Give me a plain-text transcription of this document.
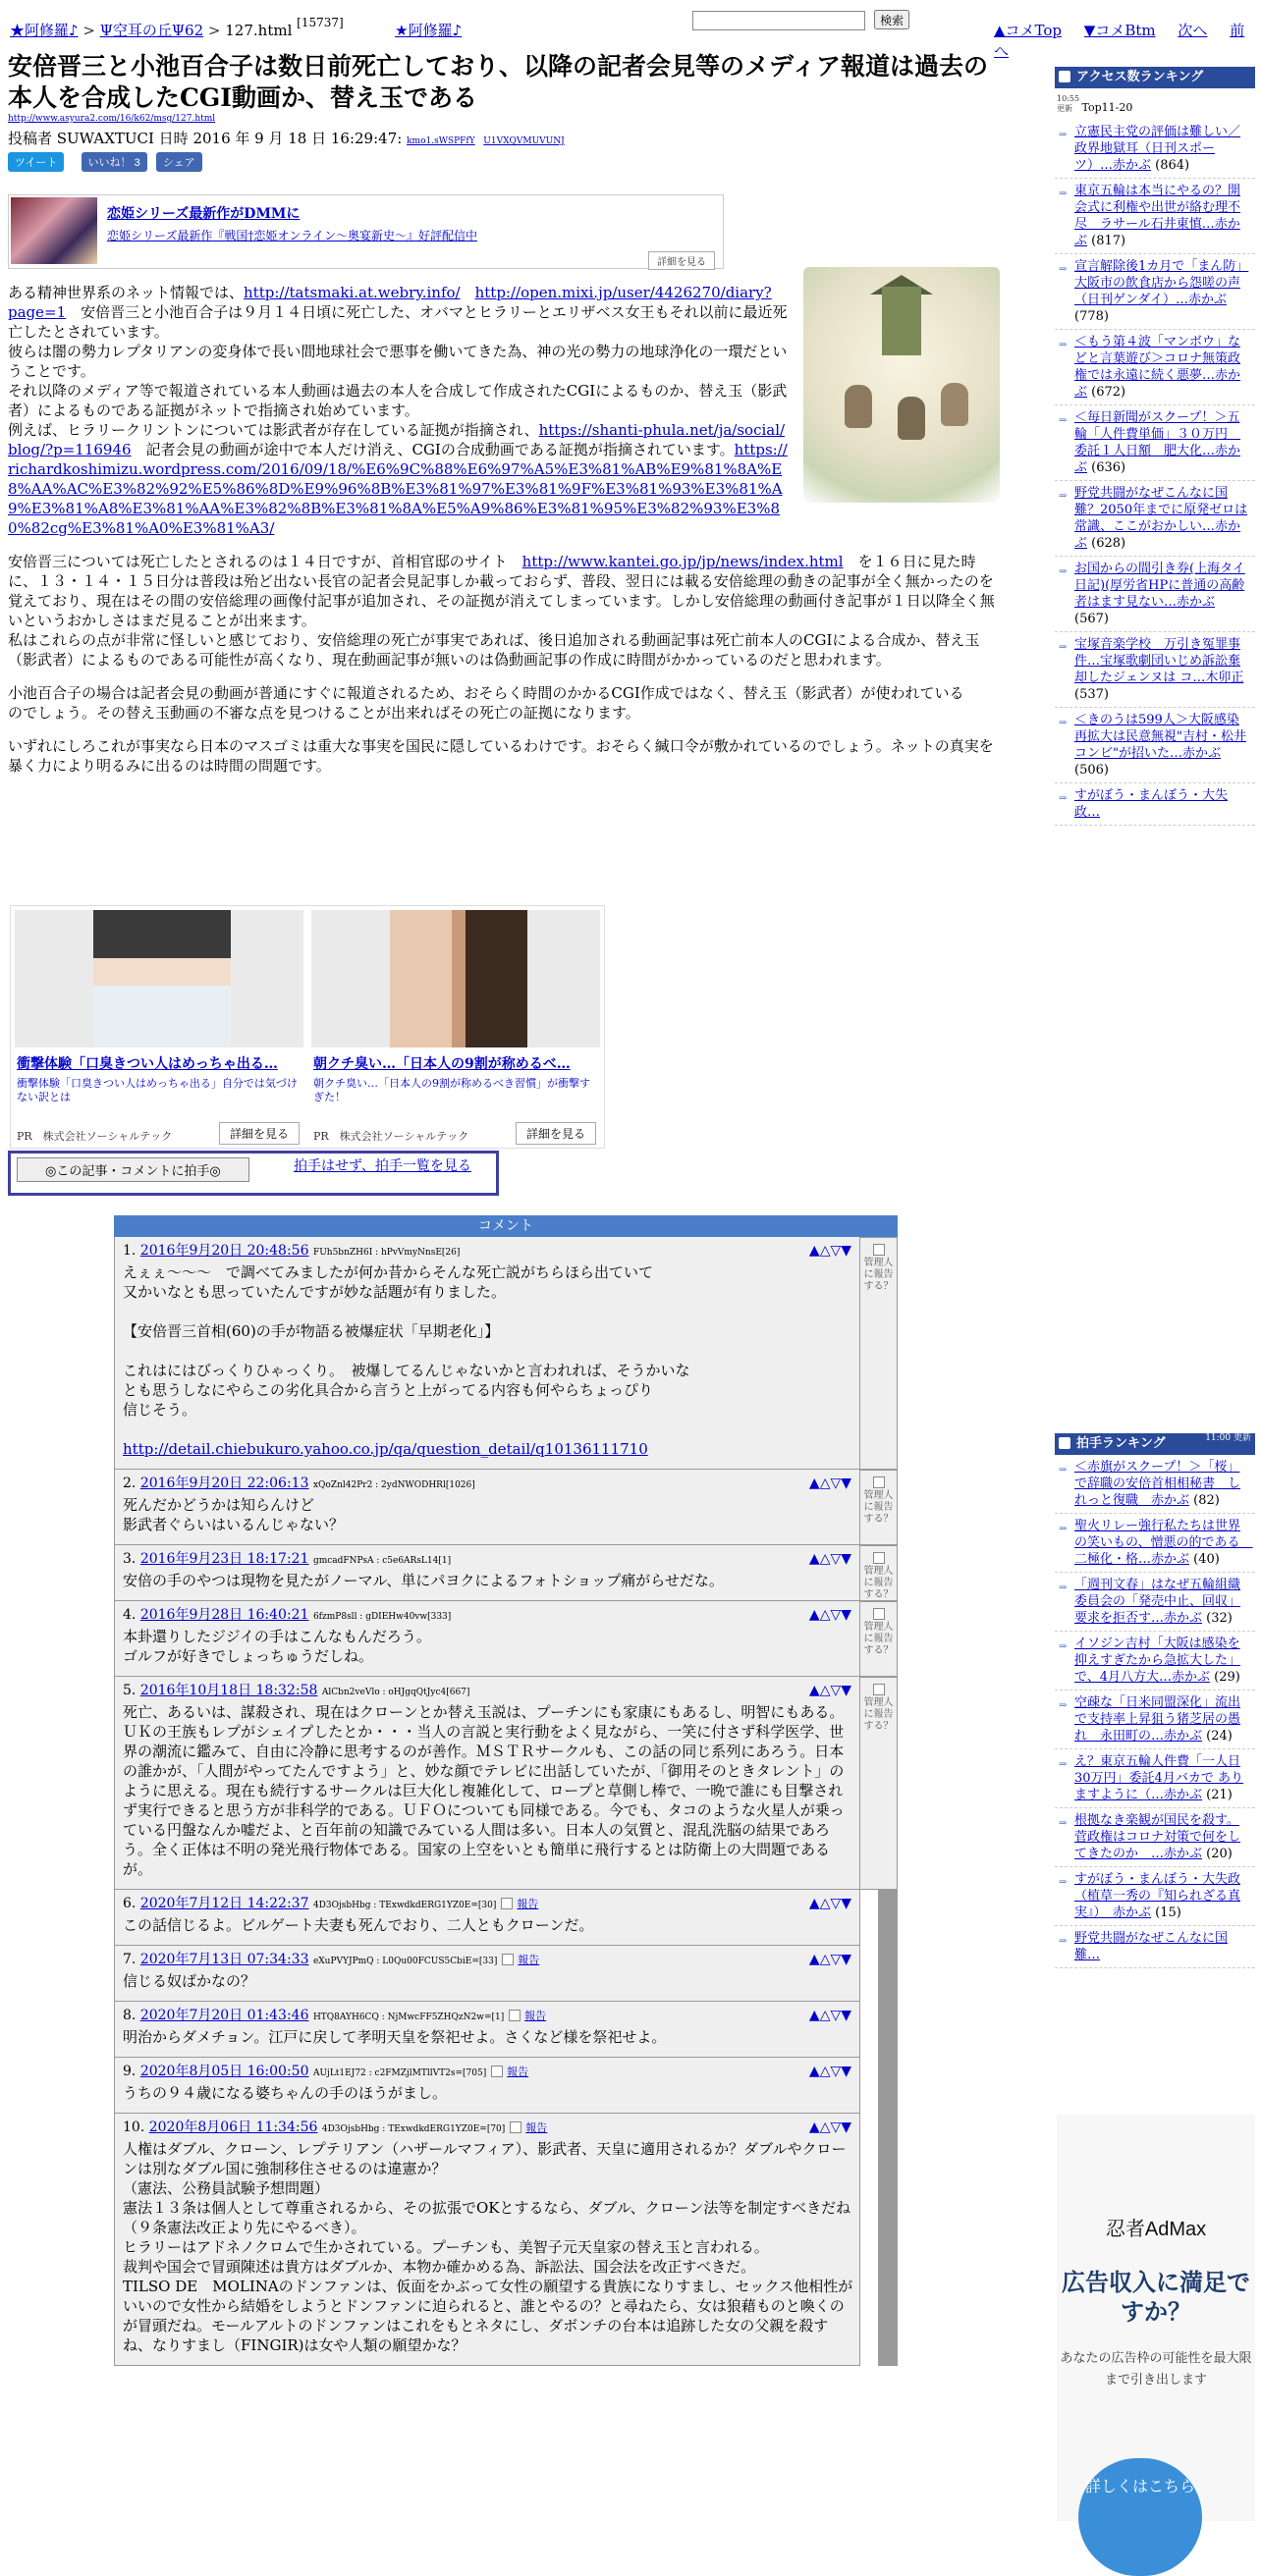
★阿修羅♪ > Ψ空耳の丘Ψ62 > 127.html [15737]	★阿修羅♪
検索
▲コメTop ▼コメBtm 次へ 前へ
安倍晋三と小池百合子は数日前死亡しており、以降の記者会見等のメディア報道は過去の本人を合成したCGI動画か、替え玉である
http://www.asyura2.com/16/k62/msg/127.html
投稿者 SUWAXTUCI 日時 2016 年 9 月 18 日 16:29:47: kmo1.sWSPFfY U1VXQVMUVUNJ
ツイート	いいね！ 3 シェア
恋姫シリーズ最新作がDMMに
恋姫シリーズ最新作『戦国†恋姫オンライン～奥宴新史～』好評配信中
詳細を見る

ある精神世界系のネット情報では、http://tatsmaki.at.webry.info/　 http://open.mixi.jp/user/4426270/diary?page=1　安倍晋三と小池百合子は９月１４日頃に死亡した、オバマとヒラリーとエリザベス女王もそれ以前に最近死亡したとされています。
彼らは闇の勢力レプタリアンの変身体で長い間地球社会で悪事を働いてきた為、神の光の勢力の地球浄化の一環だということです。
それ以降のメディア等で報道されている本人動画は過去の本人を合成して作成されたCGIによるものか、替え玉（影武者）によるものである証拠がネットで指摘され始めています。
例えば、ヒラリークリントンについては影武者が存在している証拠が指摘され、https://shanti-phula.net/ja/social/blog/?p=116946　記者会見の動画が途中で本人だけ消え、CGIの合成動画である証拠が指摘されています。https://richardkoshimizu.wordpress.com/2016/09/18/%E6%9C%88%E6%97%A5%E3%81%AB%E9%81%8A%E8%AA%AC%E3%82%92%E5%86%8D%E9%96%8B%E3%81%97%E3%81%9F%E3%81%93%E3%81%A9%E3%81%A8%E3%81%AA%E3%82%8B%E3%81%8A%E5%A9%86%E3%81%95%E3%82%93%E3%80%82cg%E3%81%A0%E3%81%A3/

安倍晋三については死亡したとされるのは１４日ですが、首相官邸のサイト　http://www.kantei.go.jp/jp/news/index.html　を１６日に見た時に、１３・１４・１５日分は普段は殆ど出ない長官の記者会見記事しか載っておらず、普段、翌日には載る安倍総理の動きの記事が全く無かったのを覚えており、現在はその間の安倍総理の画像付記事が追加され、その証拠が消えてしまっています。しかし安倍総理の動画付き記事が１日以降全く無いというおかしさはまだ見ることが出来ます。
私はこれらの点が非常に怪しいと感じており、安倍総理の死亡が事実であれば、後日追加される動画記事は死亡前本人のCGIによる合成か、替え玉（影武者）によるものである可能性が高くなり、現在動画記事が無いのは偽動画記事の作成に時間がかかっているのだと思われます。

小池百合子の場合は記者会見の動画が普通にすぐに報道されるため、おそらく時間のかかるCGI作成ではなく、替え玉（影武者）が使われている
のでしょう。その替え玉動画の不審な点を見つけることが出来ればその死亡の証拠になります。

いずれにしろこれが事実なら日本のマスゴミは重大な事実を国民に隠しているわけです。おそらく緘口令が敷かれているのでしょう。ネットの真実を暴く力により明るみに出るのは時間の問題です。

衝撃体験「口臭きつい人はめっちゃ出る…
衝撃体験「口臭きつい人はめっちゃ出る」自分では気づけない訳とは
PR　株式会社ソーシャルテック	詳細を見る
朝クチ臭い…「日本人の9割が称めるべ…
朝クチ臭い…「日本人の9割が称めるべき習慣」が衝撃すぎた！
PR　株式会社ソーシャルテック	詳細を見る
◎この記事・コメントに拍手◎	拍手はせず、拍手一覧を見る
コメント
1. 2016年9月20日 20:48:56 FUh5bnZH6I : hPvVmyNnsE[26]	▲△▽▼

えぇぇ～～～　で調べてみましたが何か昔からそんな死亡説がちらほら出ていて

又かいなとも思っていたんですが妙な話題が有りました。

【安倍晋三首相(60)の手が物語る被爆症状「早期老化」】

これはにはびっくりひゃっくり。　被爆してるんじゃないかと言われれば、そうかいな

とも思うしなにやらこの劣化具合から言うと上がってる内容も何やらちょっぴり

信じそう。

http://detail.chiebukuro.yahoo.co.jp/qa/question_detail/q10136111710
管理人に報告する？
2. 2016年9月20日 22:06:13 xQoZnl42Pr2 : 2ydNWODHRl[1026]	▲△▽▼

死んだかどうかは知らんけど

影武者ぐらいはいるんじゃない？

管理人に報告する？
3. 2016年9月23日 18:17:21 gmcadFNPsA : c5e6ARsL14[1]	▲△▽▼

安倍の手のやつは現物を見たがノーマル、単にパヨクによるフォトショップ痛がらせだな。

管理人に報告する？
4. 2016年9月28日 16:40:21 6fzmP8sll : gDIEHw40vw[333]	▲△▽▼

本卦還りしたジジイの手はこんなもんだろう。

ゴルフが好きでしょっちゅうだしね。

管理人に報告する？
5. 2016年10月18日 18:32:58 AlCbn2veVlo : oHJgqQtJyc4[667]	▲△▽▼

死亡、あるいは、謀殺され、現在はクローンとか替え玉説は、プーチンにも家康にもあるし、明智にもある。ＵＫの王族もレプがシェイプしたとか・・・当人の言説と実行動をよく見ながら、一笑に付さず科学医学、世界の潮流に鑑みて、自由に冷静に思考するのが善作。ＭＳＴＲサークルも、この話の同じ系列にあろう。日本の誰かが、「人間がやってたんですよう」と、妙な顔でテレビに出話していたが、「御用そのときタレント」のように思える。現在も続行するサークルは巨大化し複雑化して、ロープと草側し棒で、一晩で誰にも目撃されず実行できると思う方が非科学的である。ＵＦＯについても同様である。今でも、タコのような火星人が乗っている円盤なんか嘘だよ、と百年前の知識でみている人間は多い。日本人の気質と、混乱洗脳の結果であろう。全く正体は不明の発光飛行物体である。国家の上空をいとも簡単に飛行するとは防衛上の大問題であるが。

管理人に報告する？
6. 2020年7月12日 14:22:37 4D3OjsbHbg : TExwdkdERG1YZ0E=[30] 報告	▲△▽▼

この話信じるよ。ビルゲート夫妻も死んでおり、二人ともクローンだ。

7. 2020年7月13日 07:34:33 eXuPVYJPmQ : L0Qu00FCUS5CbiE=[33] 報告	▲△▽▼

信じる奴ばかなの？

8. 2020年7月20日 01:43:46 HTQ8AYH6CQ : NjMwcFF5ZHQzN2w=[1] 報告	▲△▽▼

明治からダメチョン。江戸に戻して孝明天皇を祭祀せよ。さくなど様を祭祀せよ。

9. 2020年8月05日 16:00:50 AUjLt1EJ72 : c2FMZjlMTllVT2s=[705] 報告	▲△▽▼

うちの９４歳になる婆ちゃんの手のほうがまし。

10. 2020年8月06日 11:34:56 4D3OjsbHbg : TExwdkdERG1YZ0E=[70] 報告	▲△▽▼

人権はダブル、クローン、レプテリアン（ハザールマフィア）、影武者、天皇に適用されるか？ダブルやクローンは別なダブル国に強制移住させるのは違憲か？

（憲法、公務員試験予想問題）

憲法１３条は個人として尊重されるから、その拡張でOKとするなら、ダブル、クローン法等を制定すべきだね（９条憲法改正より先にやるべき）。

ヒラリーはアドネノクロムで生かされている。プーチンも、美智子元天皇家の替え玉と言われる。

裁判や国会で冒頭陳述は貴方はダブルか、本物か確かめる為、訴訟法、国会法を改正すべきだ。

TILSO DE　MOLINAのドンファンは、仮面をかぶって女性の願望する貴族になりすまし、セックス他相性がいいので女性から結婚をしようとドンファンに迫られると、誰とやるの？と尋ねたら、女は狼藉ものと喚くのが冒頭だね。モールアルトのドンファンはこれをもとネタにし、ダボンチの台本は追跡した女の父親を殺すね、なりすまし（FINGIR)は女や人類の願望かな？

アクセス数ランキング
10:55 更新 Top11-20
⇒ 立憲民主党の評価は難しい／政界地獄耳（日刊スポーツ）…赤かぶ (864)
⇒ 東京五輪は本当にやるの？開会式に利権や出世が絡む理不尽　ラサール石井東慎…赤かぶ (817)
⇒ 宣言解除後1カ月で「まん防」大阪市の飲食店から怨嗟の声（日刊ゲンダイ）…赤かぶ (778)
⇒ ＜もう第４波「マンボウ」などと言葉遊び＞コロナ無策政権では永遠に続く悪夢…赤かぶ (672)
⇒ ＜毎日新聞がスクープ！＞五輪「人件費単価」３０万円　委託１人日額　肥大化…赤かぶ (636)
⇒ 野党共闘がなぜこんなに国難？2050年までに原発ゼロは常識、ここがおかしい…赤かぶ (628)
⇒ お国からの間引き券(上海タイ日記)(厚労省HPに普通の高齢者はます見ない…赤かぶ (567)
⇒ 宝塚音楽学校　万引き冤罪事件…宝塚歌劇団いじめ訴訟棄却したジェンヌは コ…木卯正 (537)
⇒ ＜きのうは599人＞大阪感染再拡大は民意無視"吉村・松井コンビ"が招いた…赤かぶ (506)
⇒ すがぼう・まんぼう・大失政…
拍手ランキング	11:00 更新
⇒ ＜赤旗がスクープ！＞「桜」で辞職の安倍首相相秘書　しれっと復職　赤かぶ (82)
⇒ 聖火リレー強行私たちは世界の笑いもの、憎悪の的である　二極化・格…赤かぶ (40)
⇒ 「週刊文春」はなぜ五輪組織委員会の「発売中止、回収」要求を拒否す…赤かぶ (32)
⇒ イソジン吉村「大阪は感染を抑えすぎたから急拡大した」で、4月八方大…赤かぶ (29)
⇒ 空疎な「日米同盟深化」流出で支持率上昇狙う猪芝居の愚れ　永田町の…赤かぶ (24)
⇒ え？東京五輪人件費「一人日30万円」委託4月バカで ありますように（…赤かぶ (21)
⇒ 根拠なき楽観が国民を殺す。菅政権はコロナ対策で何をしてきたのか　…赤かぶ (20)
⇒ すがぼう・まんぼう・大失政（植草一秀の『知られざる真実』）　赤かぶ (15)
⇒ 野党共闘がなぜこんなに国難…
忍者AdMax
広告収入に満足ですか？
あなたの広告枠の可能性を最大限まで引き出します
詳しくはこちら
